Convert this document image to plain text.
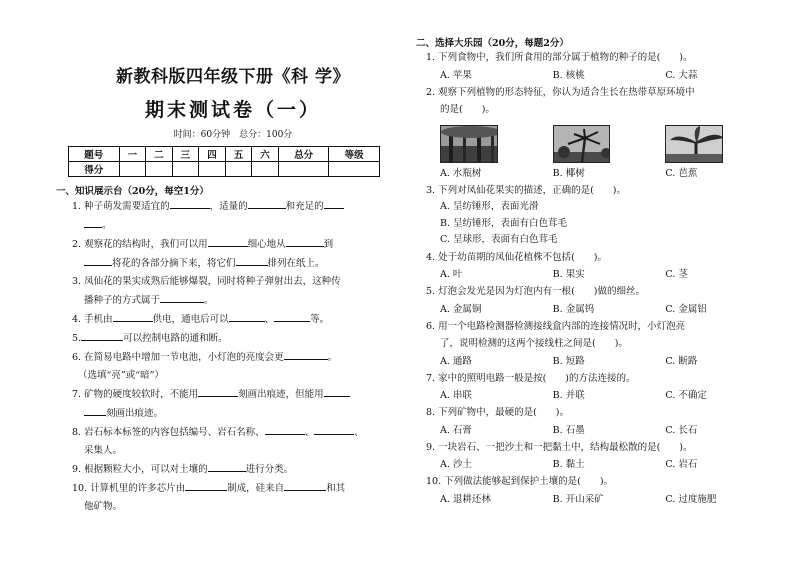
新教科版四年级下册《科 学》
期末测试卷（一）
时间：60分钟　总分：100分
题号	一	二	三	四	五	六	总分	等级
得分								
一、知识展示台（20分，每空1分）
1. 种子萌发需要适宜的	，适量的	和充足的
。
2. 观察花的结构时，我们可以用	细心地从	到
将花的各部分摘下来，将它们	排列在纸上。
3. 凤仙花的果实成熟后能够爆裂，同时将种子弹射出去，这种传
播种子的方式属于	。
4. 手机由	供电，通电后可以	、	等。
5.	可以控制电路的通和断。
6. 在简易电路中增加一节电池，小灯泡的亮度会更	。
（选填“亮”或“暗”）
7. 矿物的硬度较软时，不能用	刻画出痕迹，但能用
刻画出痕迹。
8. 岩石标本标签的内容包括编号、岩石名称、	、	、
采集人。
9. 根据颗粒大小，可以对土壤的	进行分类。
10. 计算机里的许多芯片由	制成，硅来自	和其
他矿物。
二、选择大乐园（20分，每题2分）
1. 下列食物中，我们所食用的部分属于植物的种子的是(　　)。
A. 苹果	B. 核桃	C. 大蒜
2. 观察下列植物的形态特征，你认为适合生长在热带草原环境中
的是(　　)。
A. 水瓶树	B. 椰树	C. 芭蕉
3. 下列对凤仙花果实的描述，正确的是(　　)。
A. 呈纺锤形，表面光滑
B. 呈纺锤形，表面有白色茸毛
C. 呈球形，表面有白色茸毛
4. 处于幼苗期的凤仙花植株不包括(　　)。
A. 叶	B. 果实	C. 茎
5. 灯泡会发光是因为灯泡内有一根(　　)做的细丝。
A. 金属铜	B. 金属钨	C. 金属铝
6. 用一个电路检测器检测接线盒内部的连接情况时，小灯泡亮
了，说明检测的这两个接线柱之间是(　　)。
A. 通路	B. 短路	C. 断路
7. 家中的照明电路一般是按(　　)的方法连接的。
A. 串联	B. 并联	C. 不确定
8. 下列矿物中，最硬的是(　　)。
A. 石膏	B. 石墨	C. 长石
9. 一块岩石、一把沙土和一把黏土中，结构最松散的是(　　)。
A. 沙土	B. 黏土	C. 岩石
10. 下列做法能够起到保护土壤的是(　　)。
A. 退耕还林	B. 开山采矿	C. 过度施肥
